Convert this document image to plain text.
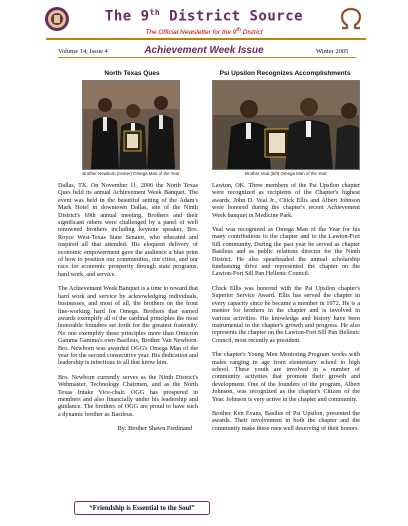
The 9th District Source
The Official Newsletter for the 9th District
Volume 14, Issue 4	Achievement Week Issue	Winter 2005
North Texas Ques	Psi Upsilon Recognizes Accomplishments
Brother Newborn (center) Omega Man of the Year	Brother Veal (left) Omega Man of the Year

Dallas, TX. On November 11, 2006 the North Texas Ques held its annual Achievement Week Banquet. The event was held in the beautiful setting of the Adam's Mark Hotel in downtown Dallas, site of the Ninth District's 69th annual meeting. Brothers and their significant others were challenged by a panel of well renowned brothers including keynote speaker, Bro. Royce West-Texas State Senator, who educated and inspired all that attended. His eloquent delivery of economic empowerment gave the audience a blue print of how to position our communities, our cities, and our race for economic prosperity through state programs, hard work, and service.

The Achievement Week Banquet is a time to reward that hard work and service by acknowledging individuals, businesses, and most of all, the brothers on the front line-working hard for Omega. Brothers that earned awards exemplify all of the cardinal principles the most honorable founders set forth for the greatest fraternity. No one exemplify these principles more than Omicron Gamma Gamma's own Basileus, Brother Van Newborn. Bro. Newborn was awarded OGG's Omega Man of the year for the second consecutive year. His dedication and leadership is infectious to all that know him.

Bro. Newborn currently serves as the Ninth District's Webmaster, Technology Chairmen, and as the North Texas Intake Vice-chair. OGG has prospered in members and also financially under his leadership and guidance. The brothers of OGG are proud to have such a dynamic brother as Basileus.

By: Brother Shawn Ferdinand

Lawton, OK. Three members of the Psi Upsilon chapter were recognized as recipients of the Chapter's highest awards. John D. Veal Jr., Chick Ellis and Albert Johnson were honored during the chapter's recent Achievement Week banquet in Medicine Park.

Veal was recognized as Omega Man of the Year for his many contributions to the chapter and to the Lawton-Fort Sill community. During the past year he served as chapter Basileus and as public relations director for the Ninth District. He also spearheaded the annual scholarship fundraising drive and represented the chapter on the Lawton-Fort Sill Pan Hellenic Council.

Chick Ellis was honored with the Psi Upsilon chapter's Superior Service Award. Ellis has served the chapter in every capacity since he became a member in 1972. He is a mentor for brothers in the chapter and is involved in various activities. His knowledge and history have been instrumental in the chapter's growth and progress. He also represents the chapter on the Lawton-Fort Sill Pan Hellenic Council, most recently as president.

The chapter's Young Men Mentoring Program works with males ranging in age from elementary school to high school. These youth are involved in a number of community activities that promote their growth and development. One of the founders of the program, Albert Johnson, was recognized as the chapter's Citizen of the Year. Johnson is very active in the chapter and community.

Brother Ken Evans, Basilus of Psi Upsilon, presented the awards. Their involvement in both the chapter and the community make these men well deserving of their honors.

“Friendship is Essential to the Soul”
